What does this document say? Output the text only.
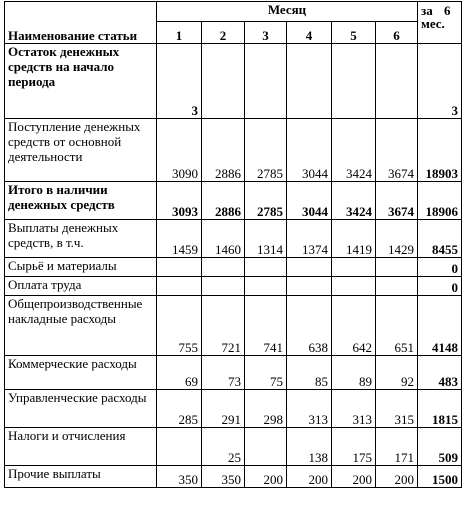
Наименование статьи	Месяц						за 6
мес.

	1	2	3	4	5	6	
Остаток денежных средств на начало периода	3						3
Поступление денежных средств от основной деятельности	3090	2886	2785	3044	3424	3674	18903
Итого в наличии денежных средств	3093	2886	2785	3044	3424	3674	18906
Выплаты денежных средств, в т.ч.	1459	1460	1314	1374	1419	1429	8455
Сырьё и материалы							0
Оплата труда							0
Общепроизводственные накладные расходы	755	721	741	638	642	651	4148
Коммерческие расходы	69	73	75	85	89	92	483
Управленческие расходы	285	291	298	313	313	315	1815
Налоги и отчисления		25		138	175	171	509
Прочие выплаты	350	350	200	200	200	200	1500
